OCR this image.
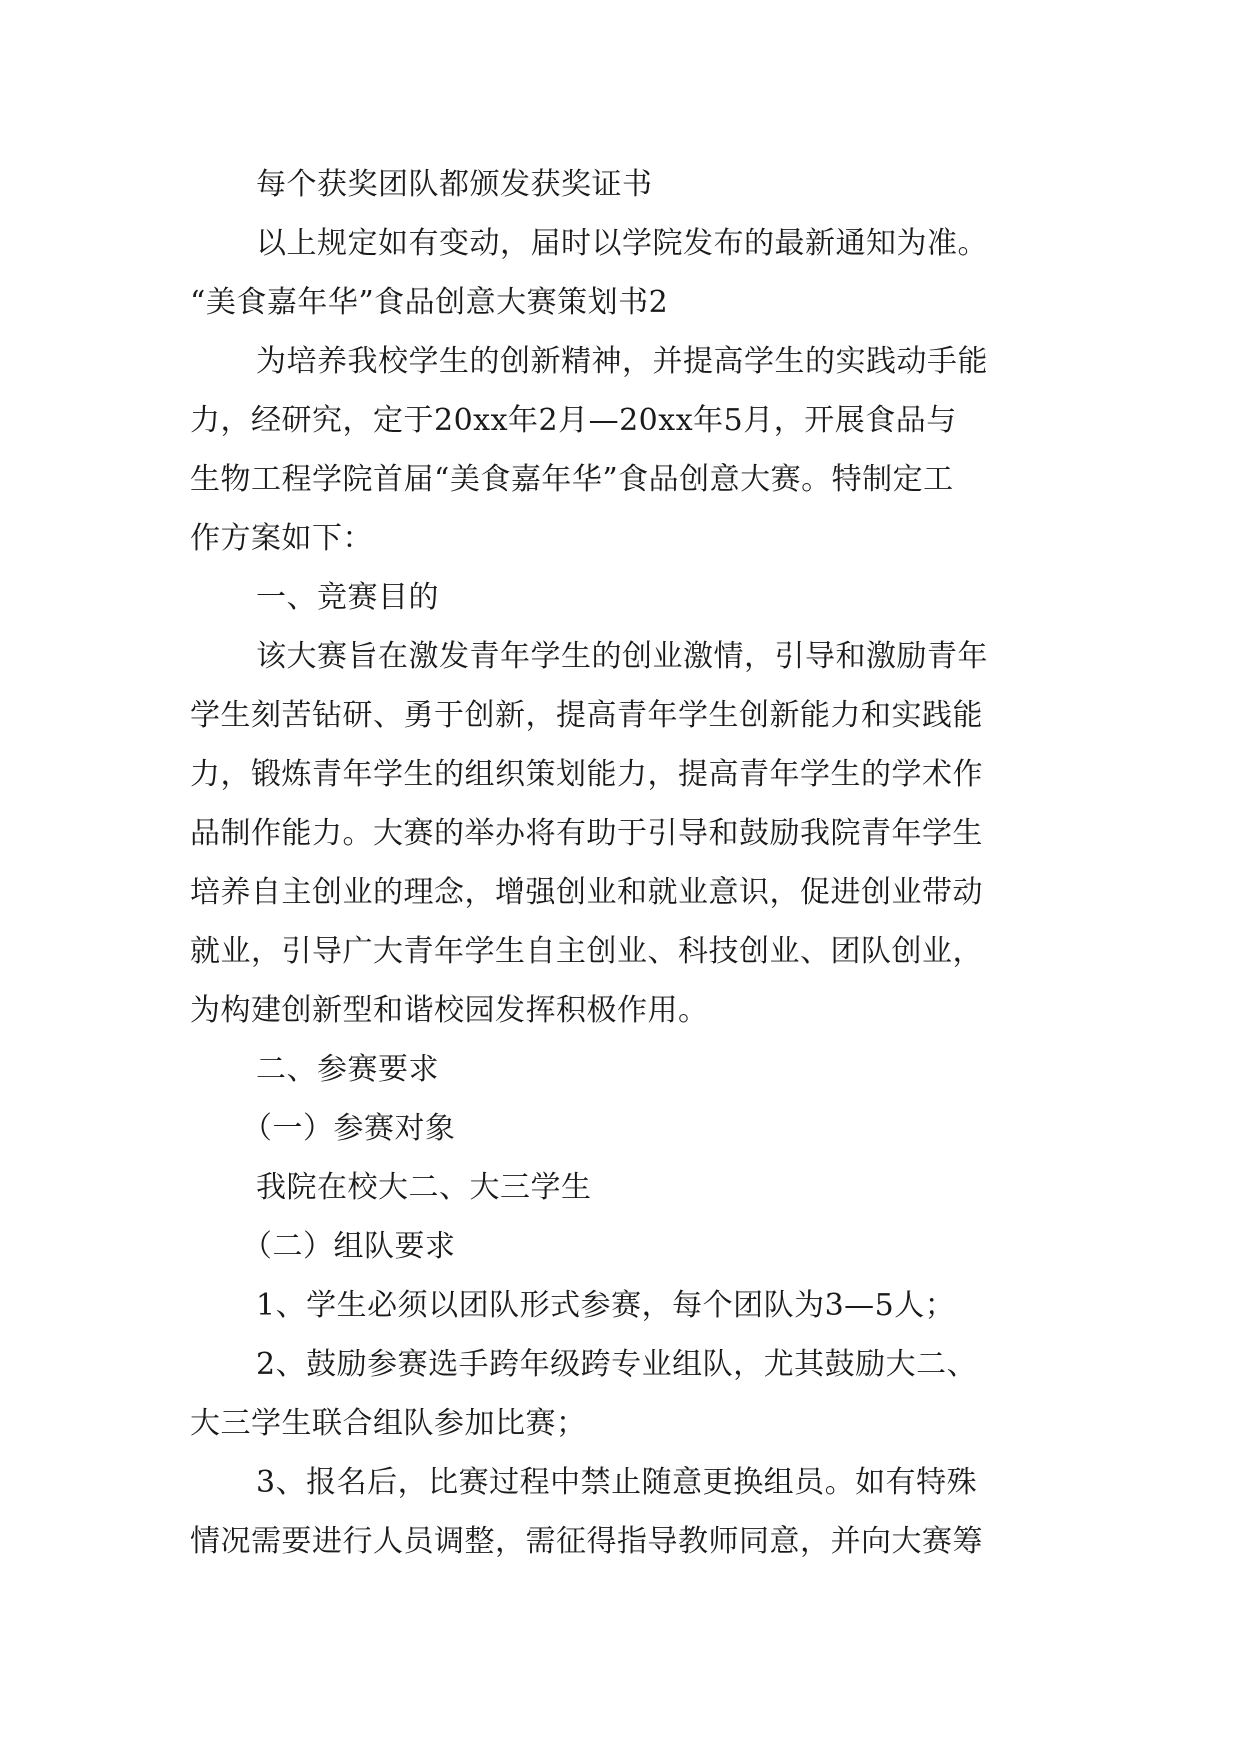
每个获奖团队都颁发获奖证书
以上规定如有变动，届时以学院发布的最新通知为准。
“美食嘉年华”食品创意大赛策划书2
为培养我校学生的创新精神，并提高学生的实践动手能
力，经研究，定于20xx年2月—20xx年5月，开展食品与
生物工程学院首届“美食嘉年华”食品创意大赛。特制定工
作方案如下：
一、竞赛目的
该大赛旨在激发青年学生的创业激情，引导和激励青年
学生刻苦钻研、勇于创新，提高青年学生创新能力和实践能
力，锻炼青年学生的组织策划能力，提高青年学生的学术作
品制作能力。大赛的举办将有助于引导和鼓励我院青年学生
培养自主创业的理念，增强创业和就业意识，促进创业带动
就业，引导广大青年学生自主创业、科技创业、团队创业，
为构建创新型和谐校园发挥积极作用。
二、参赛要求
（一）参赛对象
我院在校大二、大三学生
（二）组队要求
1、学生必须以团队形式参赛，每个团队为3—5人；
2、鼓励参赛选手跨年级跨专业组队，尤其鼓励大二、
大三学生联合组队参加比赛；
3、报名后，比赛过程中禁止随意更换组员。如有特殊
情况需要进行人员调整，需征得指导教师同意，并向大赛筹
